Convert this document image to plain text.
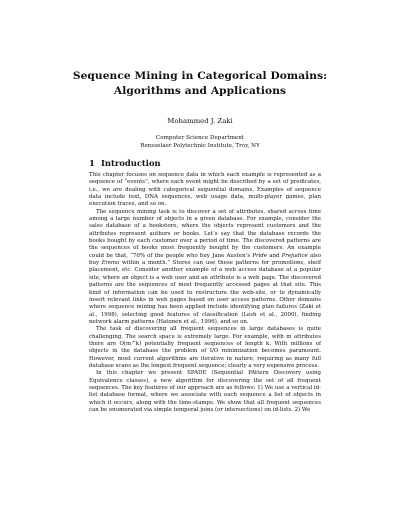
Sequence Mining in Categorical Domains:
Algorithms and Applications
Mohammed J. Zaki
Computer Science Department
Rensselaer Polytechnic Institute, Troy, NY
1 Introduction

This chapter focuses on sequence data in which each example is represented as a sequence of “events”, where each event might be described by a set of predicates, i.e., we are dealing with categorical sequential domains. Examples of sequence data include text, DNA sequences, web usage data, multi-player games, plan execution traces, and so on.

The sequence mining task is to discover a set of attributes, shared across time among a large number of objects in a given database. For example, consider the sales database of a bookstore, where the objects represent customers and the attributes represent authors or books. Let’s say that the database records the books bought by each customer over a period of time. The discovered patterns are the sequences of books most frequently bought by the customers. An example could be that, “70% of the people who buy Jane Austen’s Pride and Prejudice also buy Emma within a month.” Stores can use these patterns for promotions, shelf placement, etc. Consider another example of a web access database at a popular site, where an object is a web user and an attribute is a web page. The discovered patterns are the sequences of most frequently accessed pages at that site. This kind of information can be used to restructure the web-site, or to dynamically insert relevant links in web pages based on user access patterns. Other domains where sequence mining has been applied include identifying plan failures (Zaki et al., 1998), selecting good features of classification (Lesh et al., 2000), finding network alarm patterns (Hatonen et al., 1996), and so on.

The task of discovering all frequent sequences in large databases is quite challenging. The search space is extremely large. For example, with m attributes there are O(m^k) potentially frequent sequences of length k. With millions of objects in the database the problem of I/O minimization becomes paramount. However, most current algorithms are iterative in nature, requiring as many full database scans as the longest frequent sequence; clearly a very expensive process.

In this chapter we present SPADE (Sequential PAttern Discovery using Equivalence classes), a new algorithm for discovering the set of all frequent sequences. The key features of our approach are as follows: 1) We use a vertical id-list database format, where we associate with each sequence a list of objects in which it occurs, along with the time-stamps. We show that all frequent sequences can be enumerated via simple temporal joins (or intersections) on id-lists. 2) We
